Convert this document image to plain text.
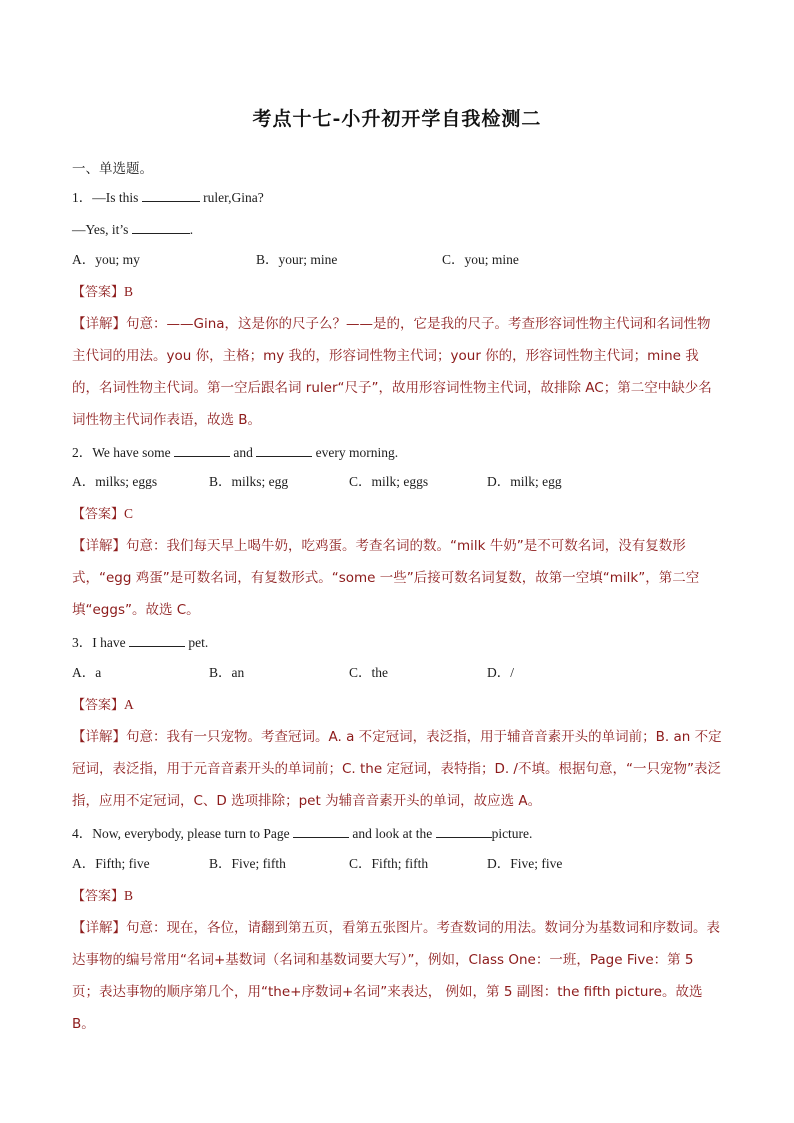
考点十七-小升初开学自我检测二
一、单选题。
1．—Is this	ruler,Gina?
—Yes, it’s	.
A．you; my	B．your; mine	C．you; mine
【答案】B
【详解】句意：——Gina，这是你的尺子么？——是的，它是我的尺子。考查形容词性物主代词和名词性物主代词的用法。you 你，主格；my 我的，形容词性物主代词；your 你的，形容词性物主代词；mine 我的，名词性物主代词。第一空后跟名词 ruler“尺子”，故用形容词性物主代词，故排除 AC；第二空中缺少名词性物主代词作表语，故选 B。
2．We have some	and	every morning.
A．milks; eggs	B．milks; egg	C．milk; eggs	D．milk; egg
【答案】C
【详解】句意：我们每天早上喝牛奶，吃鸡蛋。考查名词的数。“milk 牛奶”是不可数名词，没有复数形式，“egg 鸡蛋”是可数名词，有复数形式。“some 一些”后接可数名词复数，故第一空填“milk”，第二空填“eggs”。故选 C。
3．I have	pet.
A．a	B．an	C．the	D．/
【答案】A
【详解】句意：我有一只宠物。考查冠词。A. a 不定冠词，表泛指，用于辅音音素开头的单词前；B. an 不定冠词，表泛指，用于元音音素开头的单词前；C. the 定冠词，表特指；D. /不填。根据句意，“一只宠物”表泛指，应用不定冠词，C、D 选项排除；pet 为辅音音素开头的单词，故应选 A。
4．Now, everybody, please turn to Page	and look at the	picture.
A．Fifth; five	B．Five; fifth	C．Fifth; fifth	D．Five; five
【答案】B
【详解】句意：现在，各位，请翻到第五页，看第五张图片。考查数词的用法。数词分为基数词和序数词。表达事物的编号常用“名词+基数词（名词和基数词要大写）”，例如，Class One：一班，Page Five：第 5 页；表达事物的顺序第几个，用“the+序数词+名词”来表达， 例如，第 5 副图：the fifth picture。故选 B。
